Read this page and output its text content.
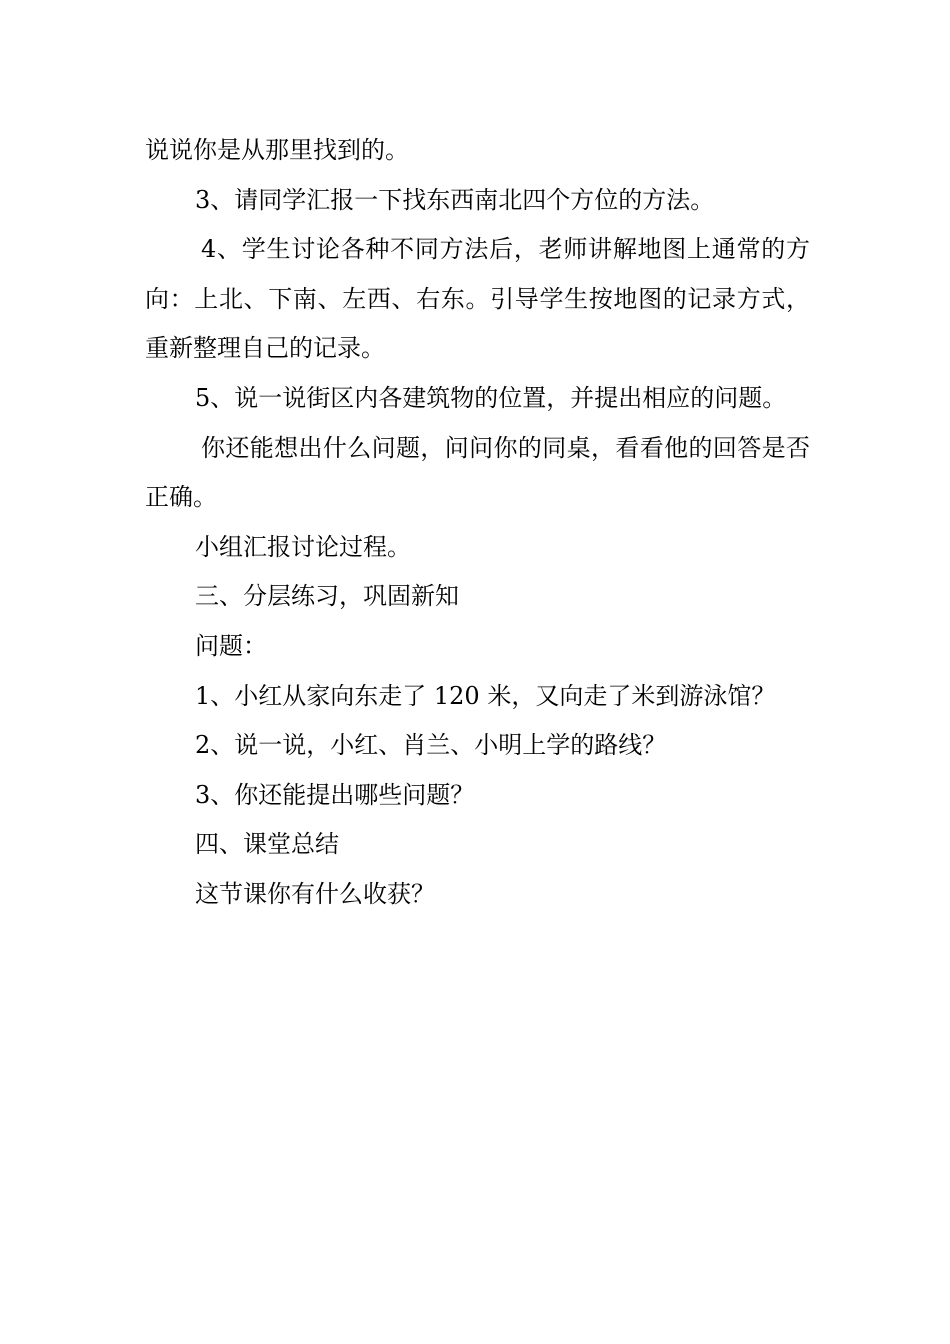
说说你是从那里找到的。

3、请同学汇报一下找东西南北四个方位的方法。

4、学生讨论各种不同方法后，老师讲解地图上通常的方向：上北、下南、左西、右东。引导学生按地图的记录方式，重新整理自己的记录。

5、说一说街区内各建筑物的位置，并提出相应的问题。

你还能想出什么问题，问问你的同桌，看看他的回答是否正确。

小组汇报讨论过程。

三、分层练习，巩固新知

问题：

1、小红从家向东走了 120 米，又向走了米到游泳馆？

2、说一说，小红、肖兰、小明上学的路线？

3、你还能提出哪些问题？

四、课堂总结

这节课你有什么收获？
